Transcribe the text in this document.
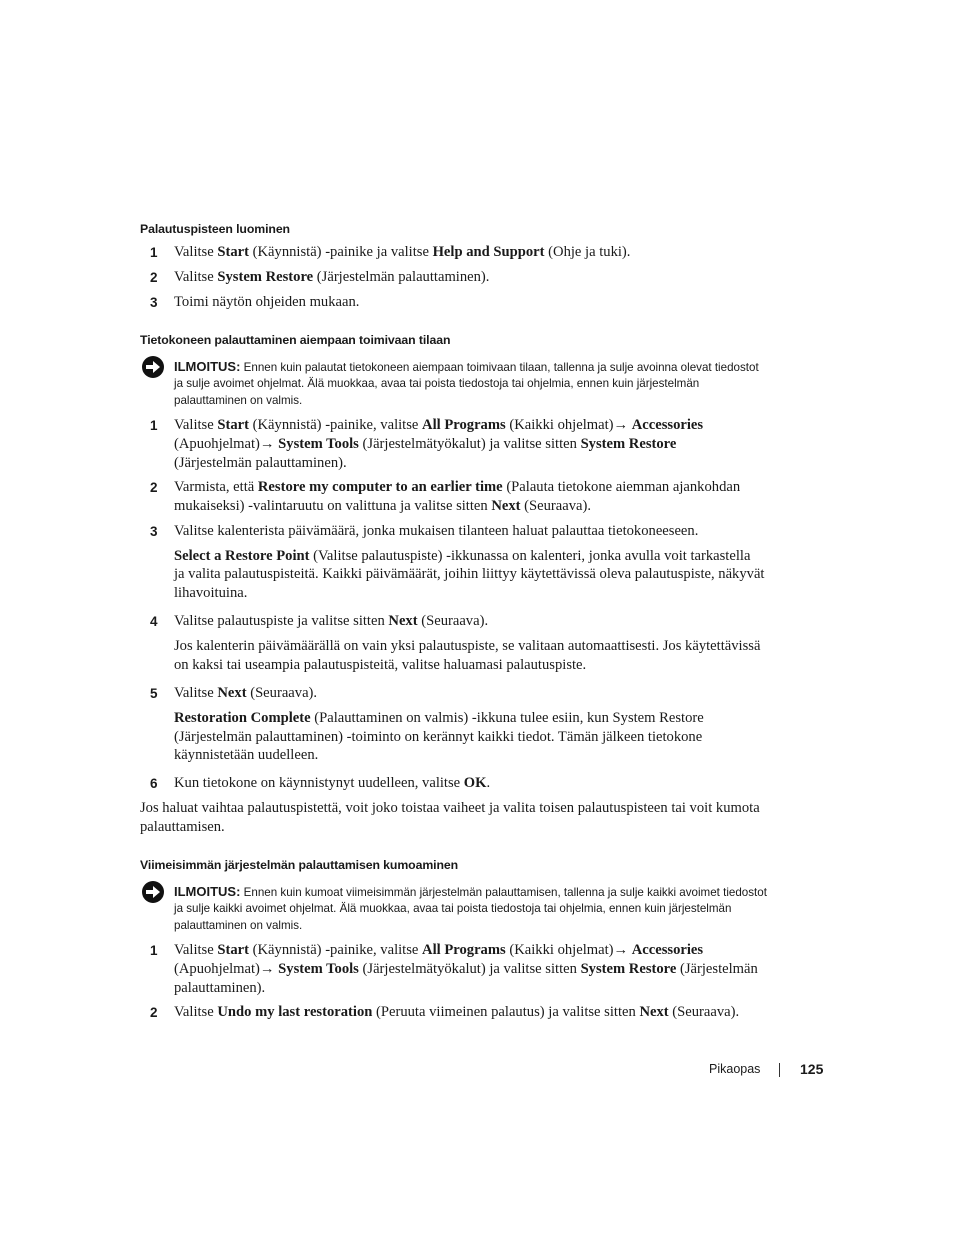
Palautuspisteen luominen
1 Valitse Start (Käynnistä) -painike ja valitse Help and Support (Ohje ja tuki).
2 Valitse System Restore (Järjestelmän palauttaminen).
3 Toimi näytön ohjeiden mukaan.
Tietokoneen palauttaminen aiempaan toimivaan tilaan
ILMOITUS: Ennen kuin palautat tietokoneen aiempaan toimivaan tilaan, tallenna ja sulje avoinna olevat tiedostot
ja sulje avoimet ohjelmat. Älä muokkaa, avaa tai poista tiedostoja tai ohjelmia, ennen kuin järjestelmän
palauttaminen on valmis.
1 Valitse Start (Käynnistä) -painike, valitse All Programs (Kaikki ohjelmat)→ Accessories
(Apuohjelmat)→ System Tools (Järjestelmätyökalut) ja valitse sitten System Restore
(Järjestelmän palauttaminen).
2 Varmista, että Restore my computer to an earlier time (Palauta tietokone aiemman ajankohdan
mukaiseksi) -valintaruutu on valittuna ja valitse sitten Next (Seuraava).
3 Valitse kalenterista päivämäärä, jonka mukaisen tilanteen haluat palauttaa tietokoneeseen.
Select a Restore Point (Valitse palautuspiste) -ikkunassa on kalenteri, jonka avulla voit tarkastella
ja valita palautuspisteitä. Kaikki päivämäärät, joihin liittyy käytettävissä oleva palautuspiste, näkyvät
lihavoituina.
4 Valitse palautuspiste ja valitse sitten Next (Seuraava).
Jos kalenterin päivämäärällä on vain yksi palautuspiste, se valitaan automaattisesti. Jos käytettävissä
on kaksi tai useampia palautuspisteitä, valitse haluamasi palautuspiste.
5 Valitse Next (Seuraava).
Restoration Complete (Palauttaminen on valmis) -ikkuna tulee esiin, kun System Restore
(Järjestelmän palauttaminen) -toiminto on kerännyt kaikki tiedot. Tämän jälkeen tietokone
käynnistetään uudelleen.
6 Kun tietokone on käynnistynyt uudelleen, valitse OK.
Jos haluat vaihtaa palautuspistettä, voit joko toistaa vaiheet ja valita toisen palautuspisteen tai voit kumota
palauttamisen.
Viimeisimmän järjestelmän palauttamisen kumoaminen
ILMOITUS: Ennen kuin kumoat viimeisimmän järjestelmän palauttamisen, tallenna ja sulje kaikki avoimet tiedostot
ja sulje kaikki avoimet ohjelmat. Älä muokkaa, avaa tai poista tiedostoja tai ohjelmia, ennen kuin järjestelmän
palauttaminen on valmis.
1 Valitse Start (Käynnistä) -painike, valitse All Programs (Kaikki ohjelmat)→ Accessories
(Apuohjelmat)→ System Tools (Järjestelmätyökalut) ja valitse sitten System Restore (Järjestelmän
palauttaminen).
2 Valitse Undo my last restoration (Peruuta viimeinen palautus) ja valitse sitten Next (Seuraava).
Pikaopas	125
